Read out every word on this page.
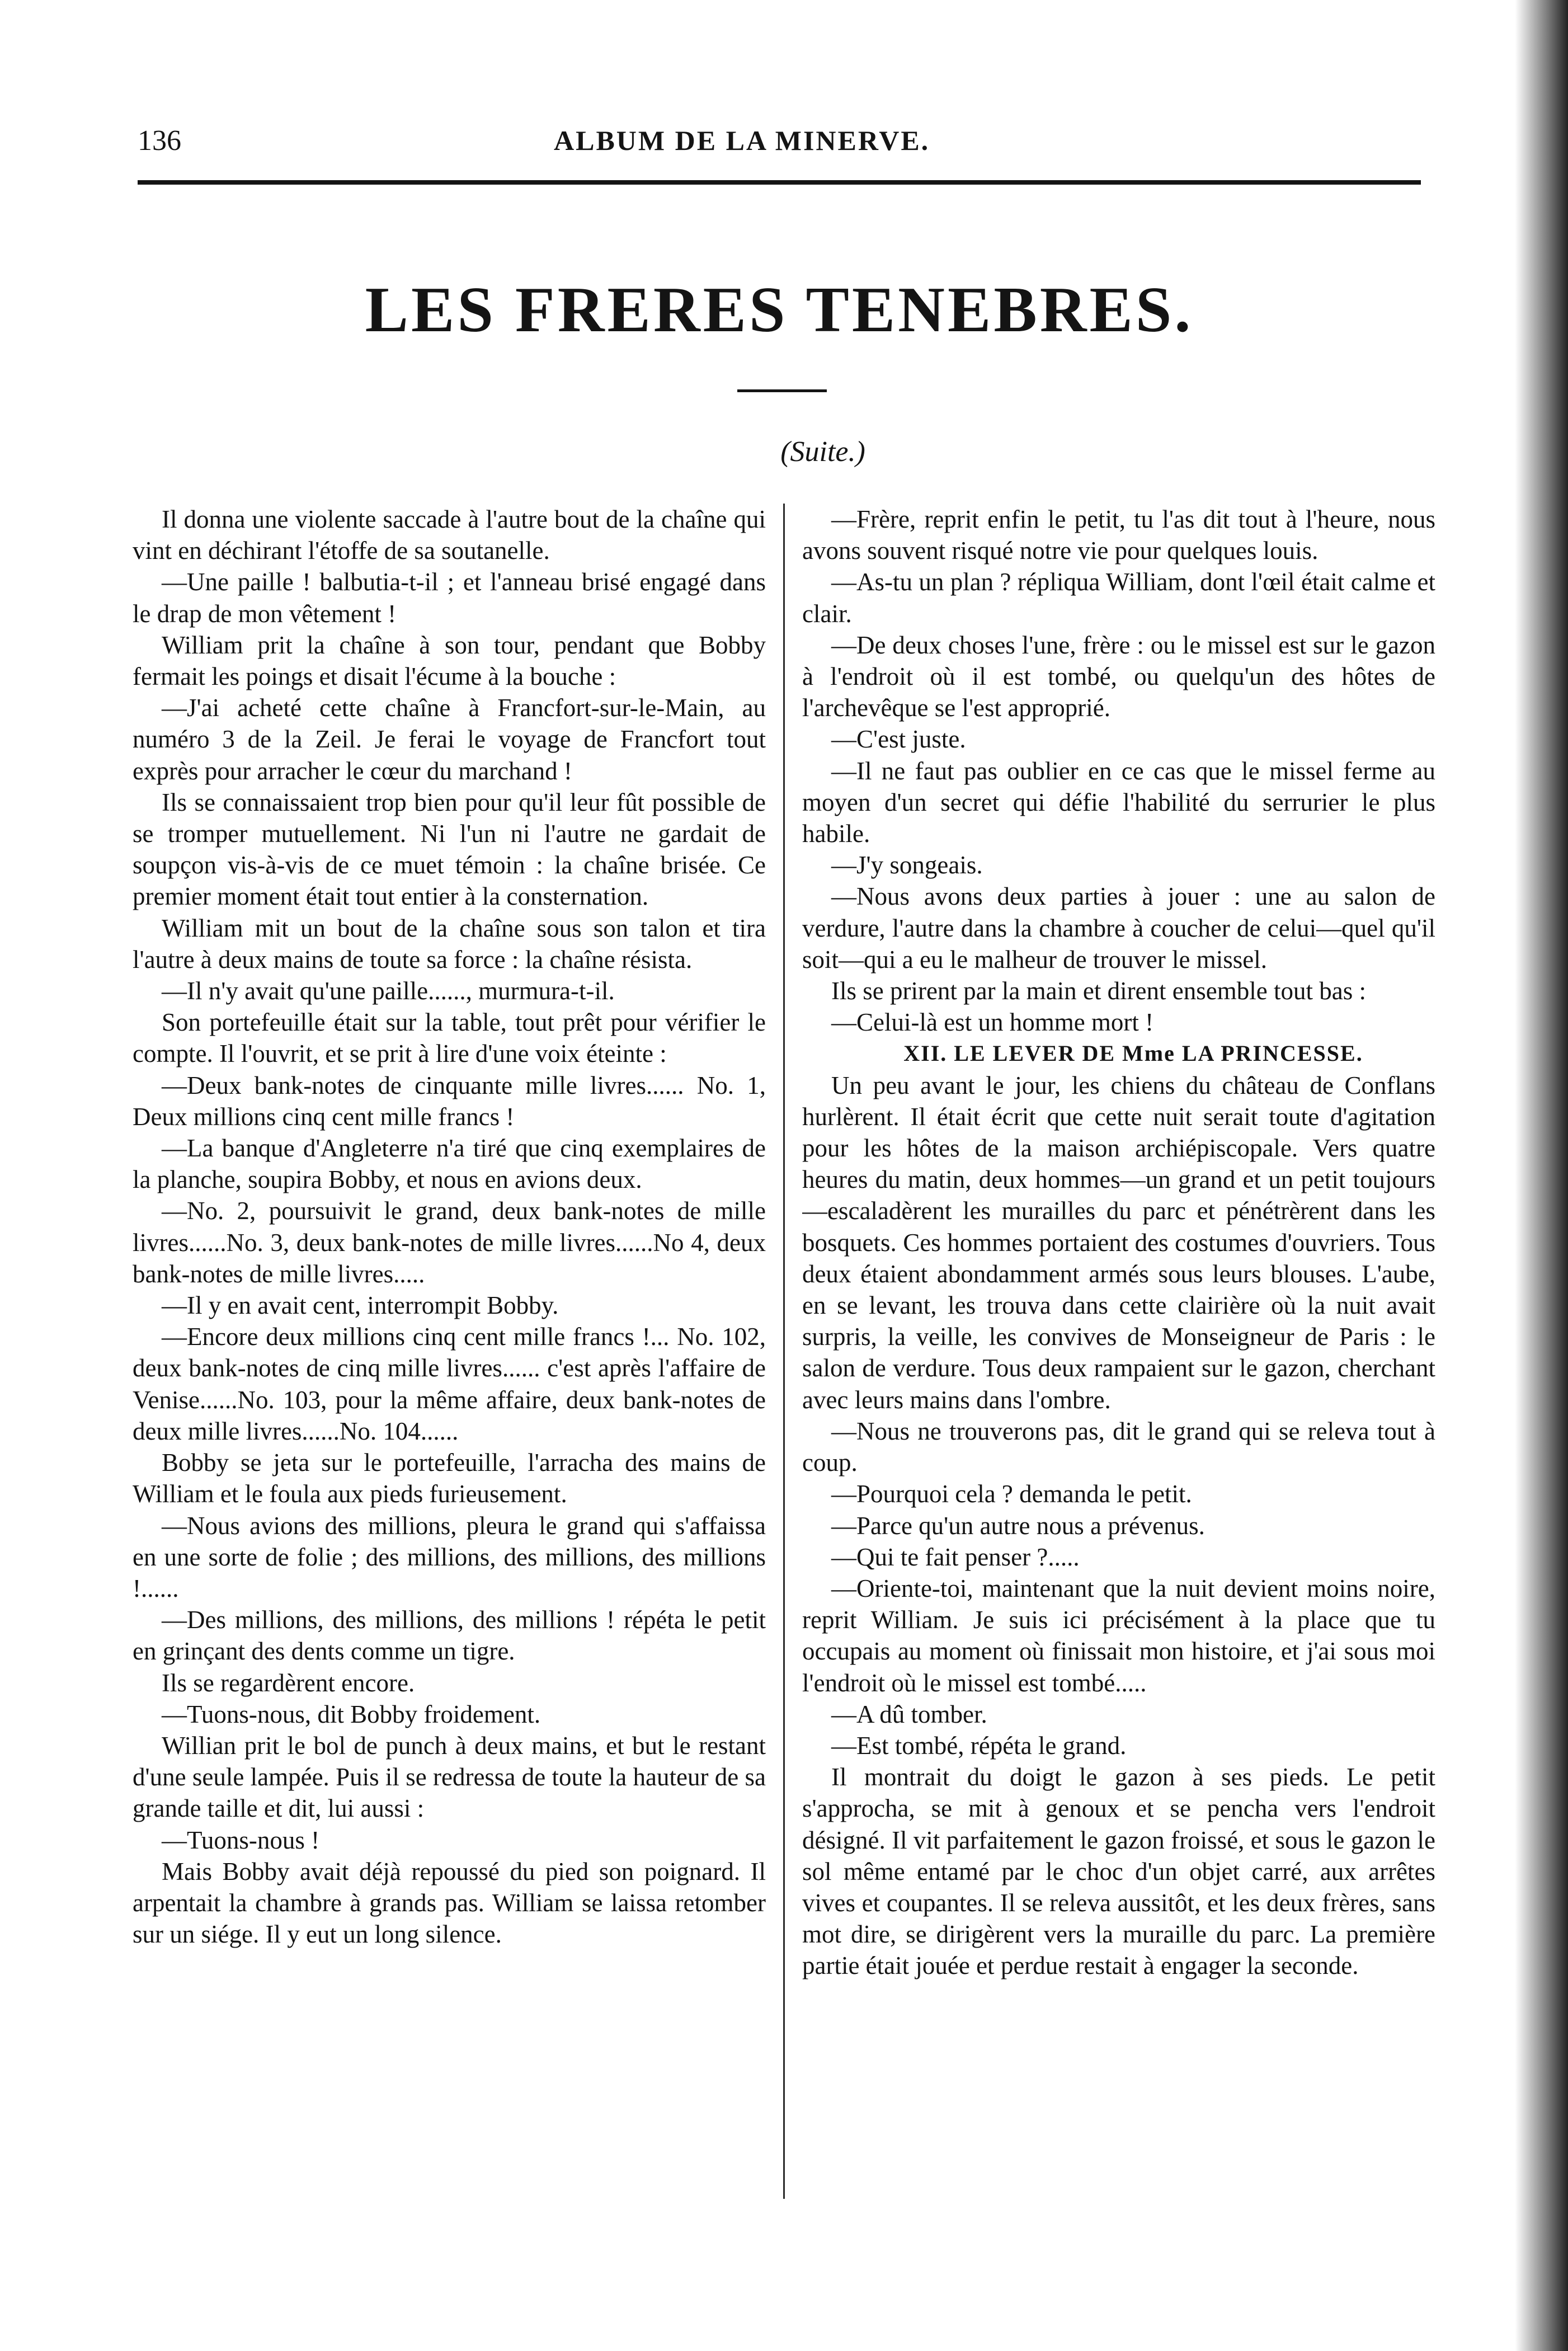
136	ALBUM DE LA MINERVE.
LES FRERES TENEBRES.
(Suite.)

Il donna une violente saccade à l'autre bout de la chaîne qui vint en déchirant l'étoffe de sa soutanelle.

—Une paille ! balbutia-t-il ; et l'anneau brisé engagé dans le drap de mon vêtement !

William prit la chaîne à son tour, pendant que Bobby fermait les poings et disait l'écume à la bouche :

—J'ai acheté cette chaîne à Francfort-sur-le-Main, au numéro 3 de la Zeil. Je ferai le voyage de Francfort tout exprès pour arracher le cœur du marchand !

Ils se connaissaient trop bien pour qu'il leur fût possible de se tromper mutuellement. Ni l'un ni l'autre ne gardait de soupçon vis-à-vis de ce muet témoin : la chaîne brisée. Ce premier moment était tout entier à la consternation.

William mit un bout de la chaîne sous son talon et tira l'autre à deux mains de toute sa force : la chaîne résista.

—Il n'y avait qu'une paille......, murmura-t-il.

Son portefeuille était sur la table, tout prêt pour vérifier le compte. Il l'ouvrit, et se prit à lire d'une voix éteinte :

—Deux bank-notes de cinquante mille livres...... No. 1, Deux millions cinq cent mille francs !

—La banque d'Angleterre n'a tiré que cinq exemplaires de la planche, soupira Bobby, et nous en avions deux.

—No. 2, poursuivit le grand, deux bank-notes de mille livres......No. 3, deux bank-notes de mille livres......No 4, deux bank-notes de mille livres.....

—Il y en avait cent, interrompit Bobby.

—Encore deux millions cinq cent mille francs !... No. 102, deux bank-notes de cinq mille livres...... c'est après l'affaire de Venise......No. 103, pour la même affaire, deux bank-notes de deux mille livres......No. 104......

Bobby se jeta sur le portefeuille, l'arracha des mains de William et le foula aux pieds furieusement.

—Nous avions des millions, pleura le grand qui s'affaissa en une sorte de folie ; des millions, des millions, des millions !......

—Des millions, des millions, des millions ! répéta le petit en grinçant des dents comme un tigre.

Ils se regardèrent encore.

—Tuons-nous, dit Bobby froidement.

Willian prit le bol de punch à deux mains, et but le restant d'une seule lampée. Puis il se redressa de toute la hauteur de sa grande taille et dit, lui aussi :

—Tuons-nous !

Mais Bobby avait déjà repoussé du pied son poignard. Il arpentait la chambre à grands pas. William se laissa retomber sur un siége. Il y eut un long silence.

—Frère, reprit enfin le petit, tu l'as dit tout à l'heure, nous avons souvent risqué notre vie pour quelques louis.

—As-tu un plan ? répliqua William, dont l'œil était calme et clair.

—De deux choses l'une, frère : ou le missel est sur le gazon à l'endroit où il est tombé, ou quelqu'un des hôtes de l'archevêque se l'est approprié.

—C'est juste.

—Il ne faut pas oublier en ce cas que le missel ferme au moyen d'un secret qui défie l'habilité du serrurier le plus habile.

—J'y songeais.

—Nous avons deux parties à jouer : une au salon de verdure, l'autre dans la chambre à coucher de celui—quel qu'il soit—qui a eu le malheur de trouver le missel.

Ils se prirent par la main et dirent ensemble tout bas :

—Celui-là est un homme mort !

XII. LE LEVER DE Mme LA PRINCESSE.

Un peu avant le jour, les chiens du château de Conflans hurlèrent. Il était écrit que cette nuit serait toute d'agitation pour les hôtes de la maison archiépiscopale. Vers quatre heures du matin, deux hommes—un grand et un petit toujours—escaladèrent les murailles du parc et pénétrèrent dans les bosquets. Ces hommes portaient des costumes d'ouvriers. Tous deux étaient abondamment armés sous leurs blouses. L'aube, en se levant, les trouva dans cette clairière où la nuit avait surpris, la veille, les convives de Monseigneur de Paris : le salon de verdure. Tous deux rampaient sur le gazon, cherchant avec leurs mains dans l'ombre.

—Nous ne trouverons pas, dit le grand qui se releva tout à coup.

—Pourquoi cela ? demanda le petit.

—Parce qu'un autre nous a prévenus.

—Qui te fait penser ?.....

—Oriente-toi, maintenant que la nuit devient moins noire, reprit William. Je suis ici précisément à la place que tu occupais au moment où finissait mon histoire, et j'ai sous moi l'endroit où le missel est tombé.....

—A dû tomber.

—Est tombé, répéta le grand.

Il montrait du doigt le gazon à ses pieds. Le petit s'approcha, se mit à genoux et se pencha vers l'endroit désigné. Il vit parfaitement le gazon froissé, et sous le gazon le sol même entamé par le choc d'un objet carré, aux arrêtes vives et coupantes. Il se releva aussitôt, et les deux frères, sans mot dire, se dirigèrent vers la muraille du parc. La première partie était jouée et perdue restait à engager la seconde.
